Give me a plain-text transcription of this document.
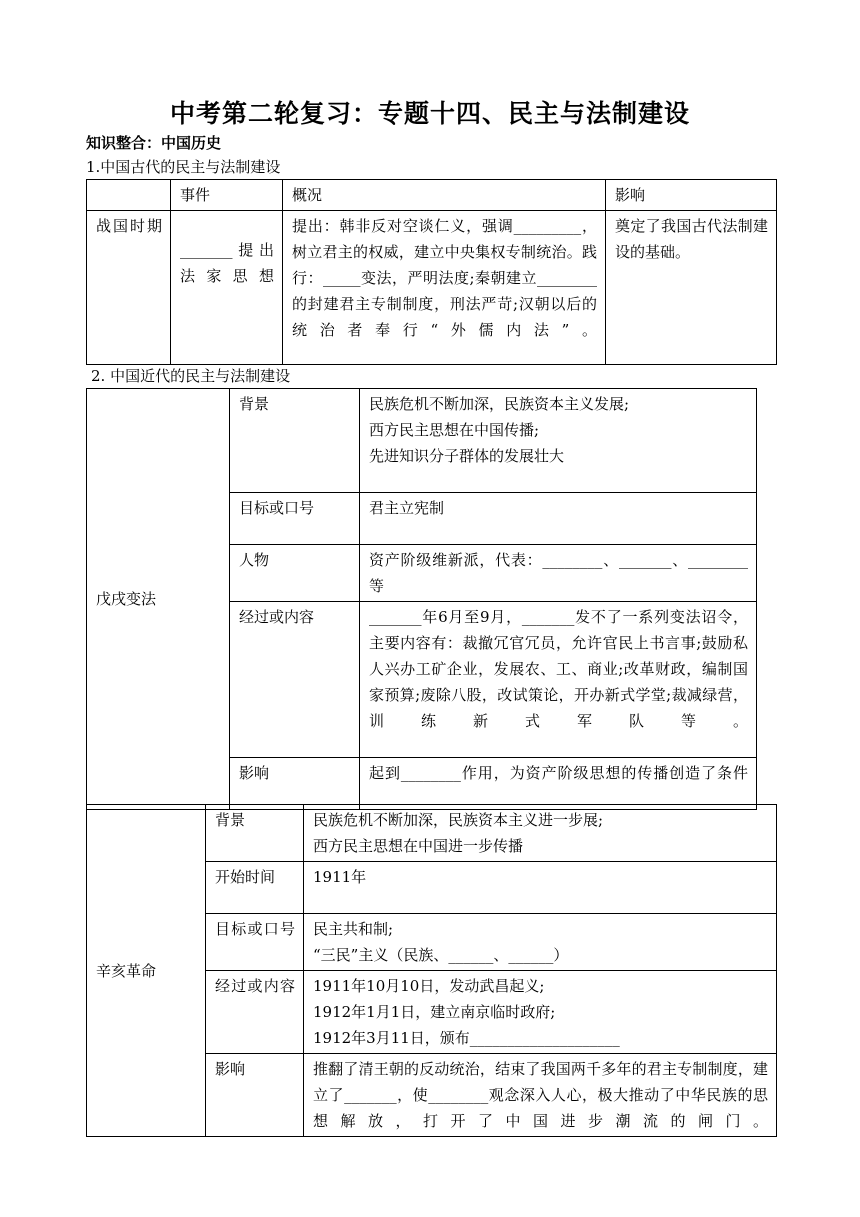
中考第二轮复习：专题十四、民主与法制建设
知识整合：中国历史
1.中国古代的民主与法制建设
	事件	概况	影响
战国时期	_______提出法家思想	提出：韩非反对空谈仁义，强调_________，树立君主的权威，建立中央集权专制统治。践行：_____变法，严明法度;秦朝建立________的封建君主专制制度，刑法严苛;汉朝以后的统治者奉行“外儒内法”。	奠定了我国古代法制建设的基础。
2. 中国近代的民主与法制建设
戊戌变法	背景	民族危机不断加深，民族资本主义发展;
西方民主思想在中国传播;
先进知识分子群体的发展壮大

	目标或口号	君主立宪制
	人物	资产阶级维新派，代表：________、_______、________等
	经过或内容	_______年6月至9月，_______发不了一系列变法诏令，主要内容有：裁撤冗官冗员，允许官民上书言事;鼓励私人兴办工矿企业，发展农、工、商业;改革财政，编制国家预算;废除八股，改试策论，开办新式学堂;裁减绿营，训练新式军队等。
	影响	起到________作用，为资产阶级思想的传播创造了条件
辛亥革命	背景	民族危机不断加深，民族资本主义进一步展;
西方民主思想在中国进一步传播

	开始时间	1911年
	目标或口号	民主共和制;
“三民”主义（民族、______、______）

	经过或内容	1911年10月10日，发动武昌起义;
1912年1月1日，建立南京临时政府;
1912年3月11日，颁布____________________

	影响	推翻了清王朝的反动统治，结束了我国两千多年的君主专制制度，建立了_______，使________观念深入人心，极大推动了中华民族的思想解放，打开了中国进步潮流的闸门。
